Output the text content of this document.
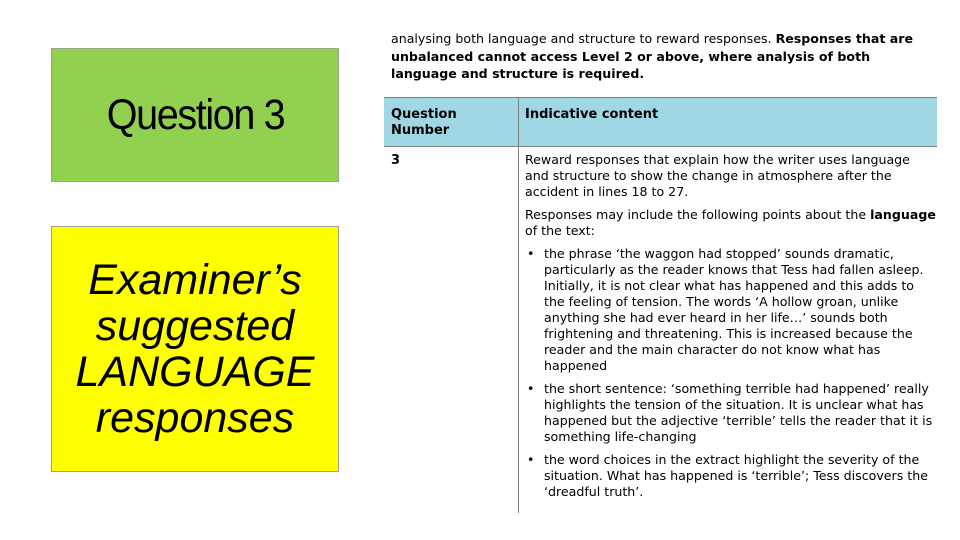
Question 3
Examiner’s
suggested
LANGUAGE
responses
analysing both language and structure to reward responses. Responses that are unbalanced cannot access Level 2 or above, where analysis of both language and structure is required.
Question Number
Indicative content
3	Reward responses that explain how the writer uses language and structure to show the change in atmosphere after the accident in lines 18 to 27.

Responses may include the following points about the language of the text:

• the phrase ‘the waggon had stopped’ sounds dramatic, particularly as the reader knows that Tess had fallen asleep. Initially, it is not clear what has happened and this adds to the feeling of tension. The words ‘A hollow groan, unlike anything she had ever heard in her life…’ sounds both frightening and threatening. This is increased because the reader and the main character do not know what has happened
• the short sentence: ‘something terrible had happened’ really highlights the tension of the situation. It is unclear what has happened but the adjective ‘terrible’ tells the reader that it is something life-changing
• the word choices in the extract highlight the severity of the situation. What has happened is ‘terrible’; Tess discovers the ‘dreadful truth’.
